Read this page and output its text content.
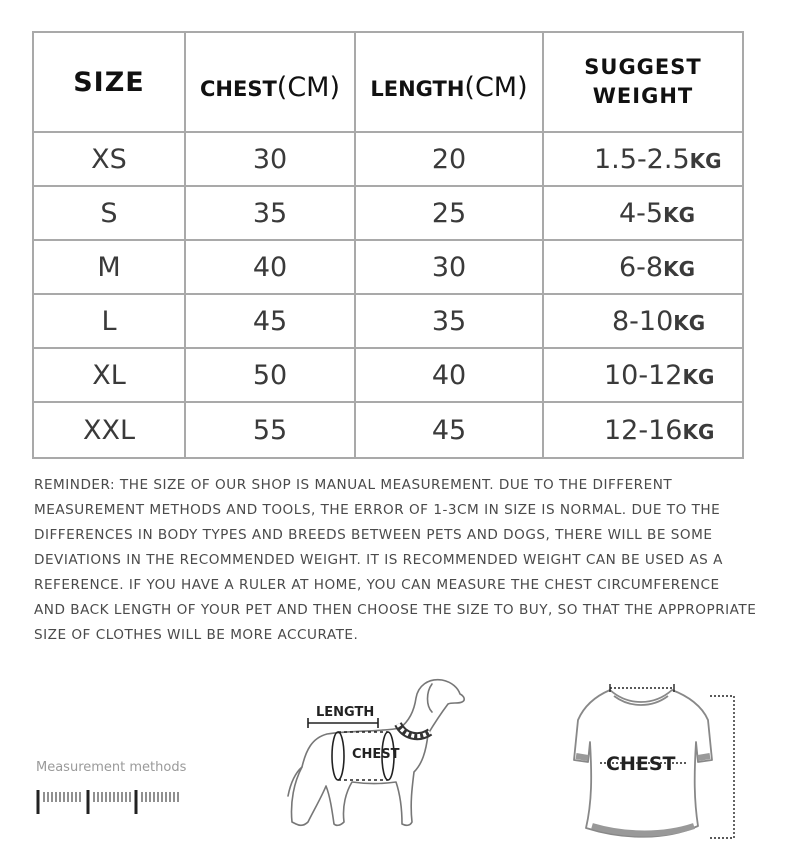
SIZE	CHEST(CM)	LENGTH(CM)	SUGGEST
WEIGHT
XS	30	20	1.5-2.5KG
S	35	25	4-5KG
M	40	30	6-8KG
L	45	35	8-10KG
XL	50	40	10-12KG
XXL	55	45	12-16KG

REMINDER: THE SIZE OF OUR SHOP IS MANUAL MEASUREMENT. DUE TO THE DIFFERENT
MEASUREMENT METHODS AND TOOLS, THE ERROR OF 1-3CM IN SIZE IS NORMAL. DUE TO THE
DIFFERENCES IN BODY TYPES AND BREEDS BETWEEN PETS AND DOGS, THERE WILL BE SOME
DEVIATIONS IN THE RECOMMENDED WEIGHT. IT IS RECOMMENDED WEIGHT CAN BE USED AS A
REFERENCE. IF YOU HAVE A RULER AT HOME, YOU CAN MEASURE THE CHEST CIRCUMFERENCE
AND BACK LENGTH OF YOUR PET AND THEN CHOOSE THE SIZE TO BUY, SO THAT THE APPROPRIATE
SIZE OF CLOTHES WILL BE MORE ACCURATE.

Measurement methods
LENGTH
CHEST	CHEST
